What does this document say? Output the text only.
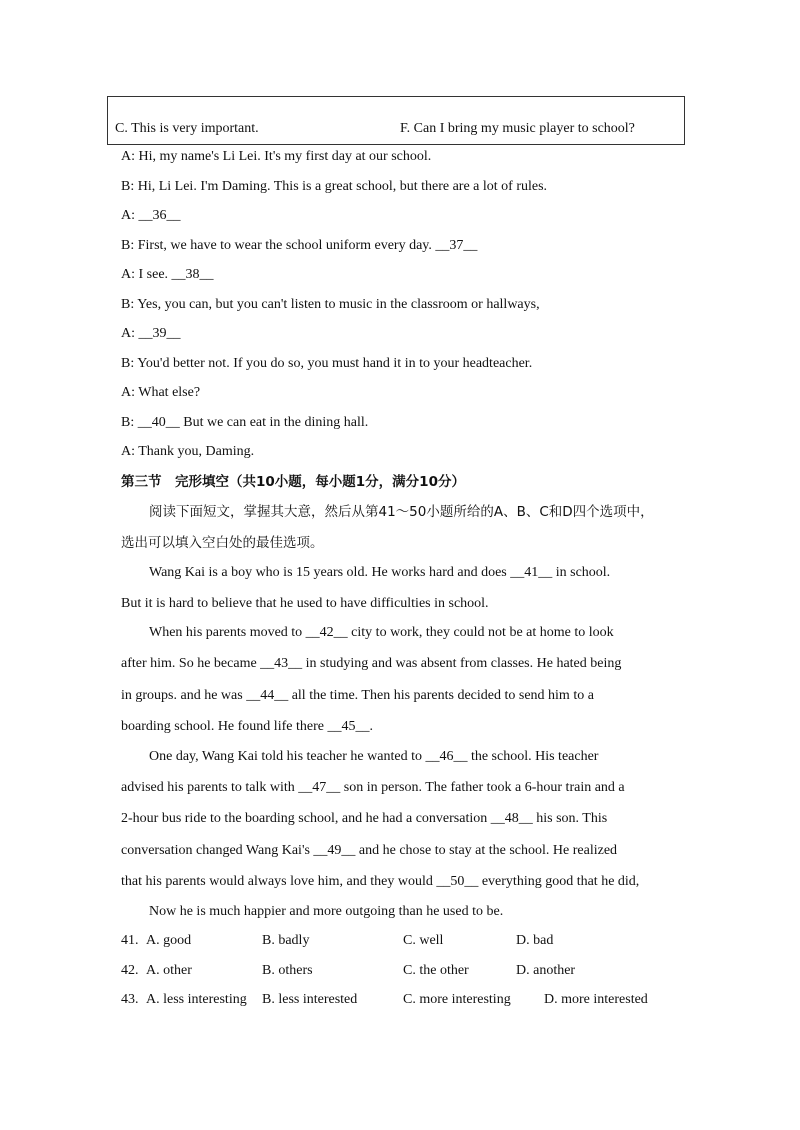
C. This is very important.	F. Can I bring my music player to school?
A: Hi, my name's Li Lei. It's my first day at our school.
B: Hi, Li Lei. I'm Daming. This is a great school, but there are a lot of rules.
A: __36__
B: First, we have to wear the school uniform every day. __37__
A: I see. __38__
B: Yes, you can, but you can't listen to music in the classroom or hallways,
A: __39__
B: You'd better not. If you do so, you must hand it in to your headteacher.
A: What else?
B: __40__ But we can eat in the dining hall.
A: Thank you, Daming.
第三节　完形填空（共10小题，每小题1分，满分10分）
阅读下面短文，掌握其大意，然后从第41～50小题所给的A、B、C和D四个选项中，
选出可以填入空白处的最佳选项。
Wang Kai is a boy who is 15 years old. He works hard and does __41__ in school.
But it is hard to believe that he used to have difficulties in school.
When his parents moved to __42__ city to work, they could not be at home to look
after him. So he became __43__ in studying and was absent from classes. He hated being
in groups. and he was __44__ all the time. Then his parents decided to send him to a
boarding school. He found life there __45__.
One day, Wang Kai told his teacher he wanted to __46__ the school. His teacher
advised his parents to talk with __47__ son in person. The father took a 6-hour train and a
2-hour bus ride to the boarding school, and he had a conversation __48__ his son. This
conversation changed Wang Kai's __49__ and he chose to stay at the school. He realized
that his parents would always love him, and they would __50__ everything good that he did,
Now he is much happier and more outgoing than he used to be.
41. A. good	B. badly	C. well	D. bad
42. A. other	B. others	C. the other	D. another
43. A. less interesting B. less interested	C. more interesting D. more interested
